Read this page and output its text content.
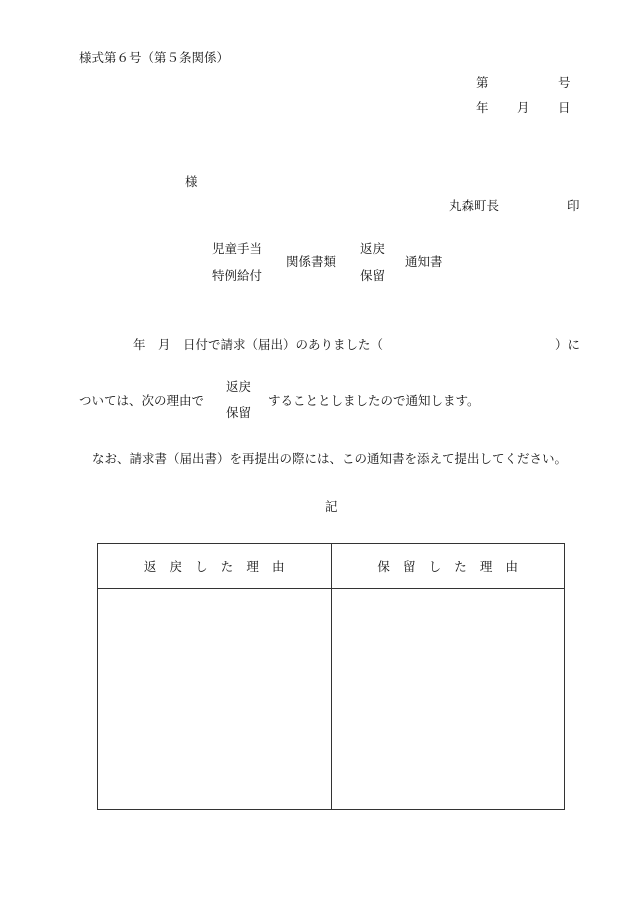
様式第６号（第５条関係）
第	号
年 月 日
様
丸森町長	印
児童手当
特例給付
関係書類
返戻
保留
通知書
年　月　日付で請求（届出）のありました（	）に
ついては、次の理由で
返戻
保留
することとしましたので通知します。
なお、請求書（届出書）を再提出の際には、この通知書を添えて提出してください。
記
返戻した理由	保留した理由
